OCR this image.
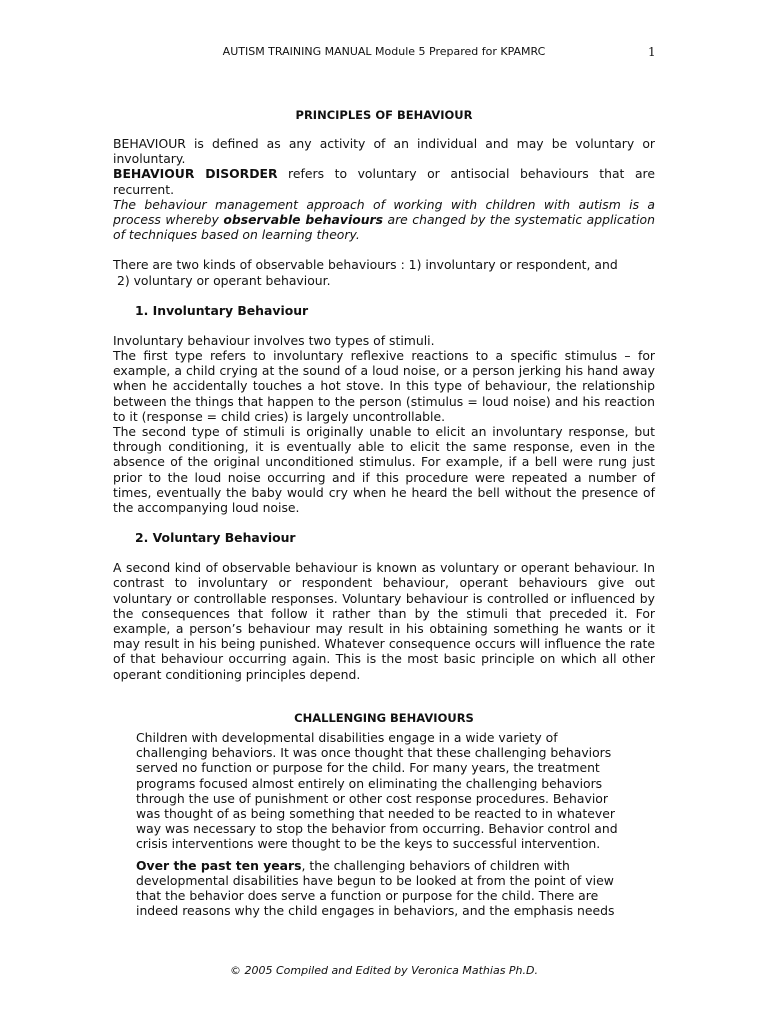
AUTISM TRAINING MANUAL Module 5 Prepared for KPAMRC	1
PRINCIPLES OF BEHAVIOUR

BEHAVIOUR is defined as any activity of an individual and may be voluntary or involuntary.

BEHAVIOUR DISORDER refers to voluntary or antisocial behaviours that are recurrent.

The behaviour management approach of working with children with autism is a process whereby observable behaviours are changed by the systematic application of techniques based on learning theory.

There are two kinds of observable behaviours : 1) involuntary or respondent, and

2) voluntary or operant behaviour.

1. Involuntary Behaviour

Involuntary behaviour involves two types of stimuli.

The first type refers to involuntary reflexive reactions to a specific stimulus – for example, a child crying at the sound of a loud noise, or a person jerking his hand away when he accidentally touches a hot stove. In this type of behaviour, the relationship between the things that happen to the person (stimulus = loud noise) and his reaction to it (response = child cries) is largely uncontrollable.

The second type of stimuli is originally unable to elicit an involuntary response, but through conditioning, it is eventually able to elicit the same response, even in the absence of the original unconditioned stimulus. For example, if a bell were rung just prior to the loud noise occurring and if this procedure were repeated a number of times, eventually the baby would cry when he heard the bell without the presence of the accompanying loud noise.

2. Voluntary Behaviour

A second kind of observable behaviour is known as voluntary or operant behaviour. In contrast to involuntary or respondent behaviour, operant behaviours give out voluntary or controllable responses. Voluntary behaviour is controlled or influenced by the consequences that follow it rather than by the stimuli that preceded it. For example, a person’s behaviour may result in his obtaining something he wants or it may result in his being punished. Whatever consequence occurs will influence the rate of that behaviour occurring again. This is the most basic principle on which all other operant conditioning principles depend.

CHALLENGING BEHAVIOURS

Children with developmental disabilities engage in a wide variety of challenging behaviors. It was once thought that these challenging behaviors served no function or purpose for the child. For many years, the treatment programs focused almost entirely on eliminating the challenging behaviors through the use of punishment or other cost response procedures. Behavior was thought of as being something that needed to be reacted to in whatever way was necessary to stop the behavior from occurring. Behavior control and crisis interventions were thought to be the keys to successful intervention.

Over the past ten years, the challenging behaviors of children with developmental disabilities have begun to be looked at from the point of view that the behavior does serve a function or purpose for the child. There are indeed reasons why the child engages in behaviors, and the emphasis needs

© 2005 Compiled and Edited by Veronica Mathias Ph.D.
